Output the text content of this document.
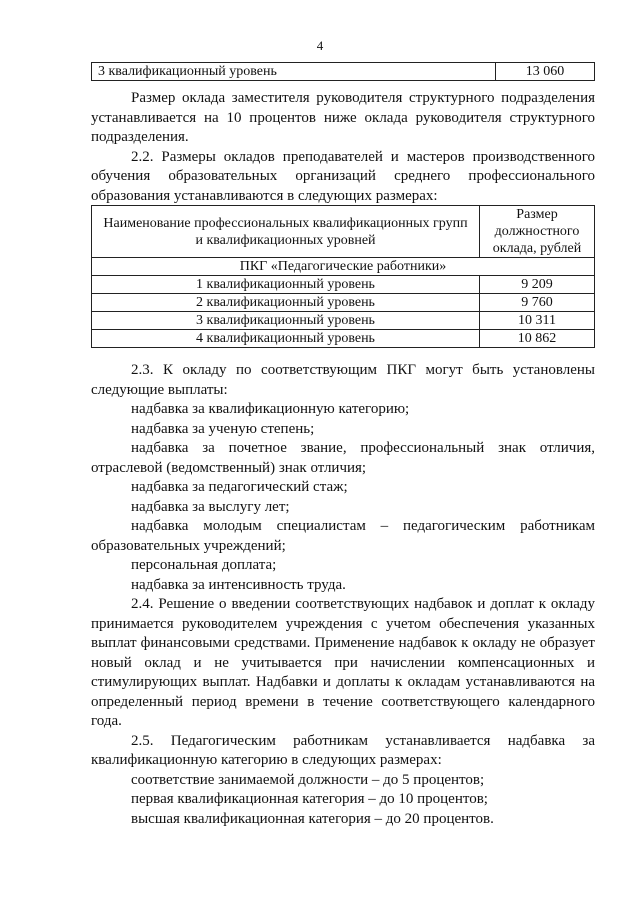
4
3 квалификационный уровень	13 060

Размер оклада заместителя руководителя структурного подразделения устанавливается на 10 процентов ниже оклада руководителя структурного подразделения.

2.2. Размеры окладов преподавателей и мастеров производственного обучения образовательных организаций среднего профессионального образования устанавливаются в следующих размерах:

Наименование профессиональных квалификационных групп и квалификационных уровней	Размер должностного оклада, рублей
ПКГ «Педагогические работники»	
1 квалификационный уровень	9 209
2 квалификационный уровень	9 760
3 квалификационный уровень	10 311
4 квалификационный уровень	10 862

2.3. К окладу по соответствующим ПКГ могут быть установлены следующие выплаты:

надбавка за квалификационную категорию;

надбавка за ученую степень;

надбавка за почетное звание, профессиональный знак отличия, отраслевой (ведомственный) знак отличия;

надбавка за педагогический стаж;

надбавка за выслугу лет;

надбавка молодым специалистам – педагогическим работникам образовательных учреждений;

персональная доплата;

надбавка за интенсивность труда.

2.4. Решение о введении соответствующих надбавок и доплат к окладу принимается руководителем учреждения с учетом обеспечения указанных выплат финансовыми средствами. Применение надбавок к окладу не образует новый оклад и не учитывается при начислении компенсационных и стимулирующих выплат. Надбавки и доплаты к окладам устанавливаются на определенный период времени в течение соответствующего календарного года.

2.5. Педагогическим работникам устанавливается надбавка за квалификационную категорию в следующих размерах:

соответствие занимаемой должности – до 5 процентов;

первая квалификационная категория – до 10 процентов;

высшая квалификационная категория – до 20 процентов.
